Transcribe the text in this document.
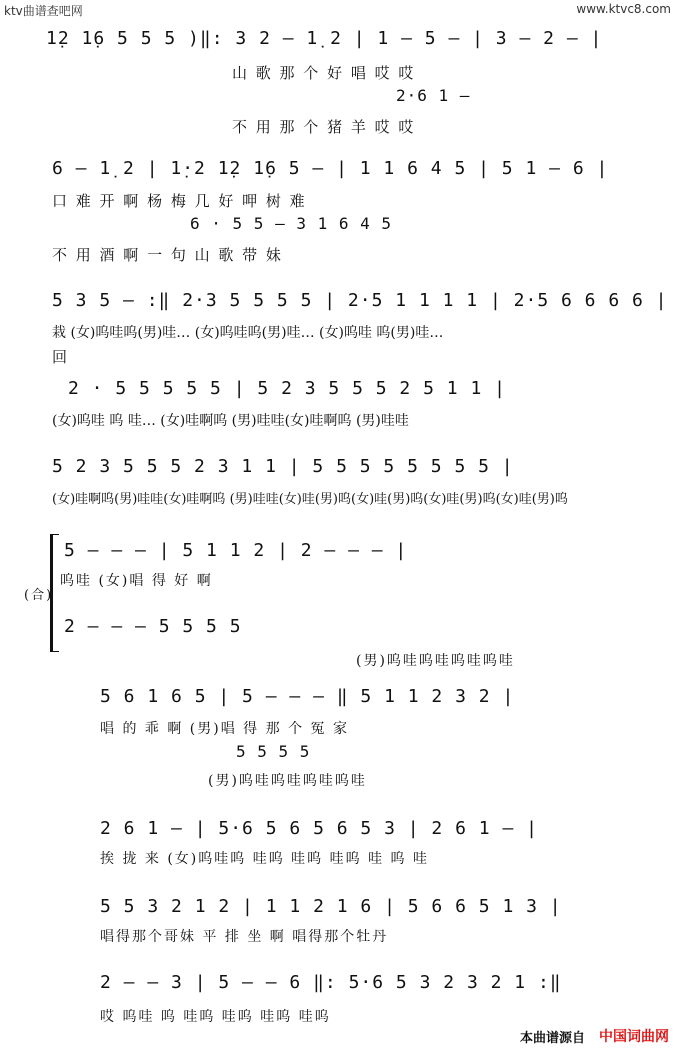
ktv曲谱查吧网	www.ktvc8.com
1̣2 1̣6 5 5 5 )‖: 3 2 — 1̣ 2 | 1 — 5 — | 3 — 2 — |
山 歌 那 个 好 唱 哎 哎
2·6 1 —
不 用 那 个 猪 羊 哎 哎
6 — 1̣ 2 | 1̣·2 1̣2 1̣6 5 — | 1 1 6 4 5 | 5 1 — 6 |
口 难 开 啊 杨 梅 几 好 呷 树 难
6 · 5 5 — 3 1 6 4 5
不 用 酒 啊 一 句 山 歌 带 妹
5 3 5 — :‖ 2·3 5 5 5 5 | 2·5 1 1 1 1 | 2·5 6 6 6 6 |
栽 (女)呜哇呜(男)哇… (女)呜哇呜(男)哇… (女)呜哇 呜(男)哇…
回
2 · 5 5 5 5 5 | 5 2 3 5 5 5 2 5 1 1 |
(女)呜哇 呜 哇… (女)哇啊呜 (男)哇哇(女)哇啊呜 (男)哇哇
5 2 3 5 5 5 2 3 1 1 | 5 5 5 5 5 5 5 5 |
(女)哇啊呜(男)哇哇(女)哇啊呜 (男)哇哇(女)哇(男)呜(女)哇(男)呜(女)哇(男)呜(女)哇(男)呜
(合)
5 — — — | 5 1 1 2 | 2 — — — |
呜哇 (女)唱 得 好 啊
2 — — — 5 5 5 5
(男)呜哇呜哇呜哇呜哇
5 6 1 6 5 | 5 — — — ‖ 5 1 1 2 3 2 |
唱 的 乖 啊 (男)唱 得 那 个 冤 家
5 5 5 5
(男)呜哇呜哇呜哇呜哇
2 6 1 — | 5·6 5 6 5 6 5 3 | 2 6 1 — |
挨 拢 来 (女)呜哇呜 哇呜 哇呜 哇呜 哇 呜 哇
5 5 3 2 1 2 | 1 1 2 1 6 | 5 6 6 5 1 3 |
唱得那个哥妹 平 排 坐 啊 唱得那个牡丹
2 — — 3 | 5 — — 6 ‖: 5·6 5 3 2 3 2 1 :‖
哎 呜哇 呜 哇呜 哇呜 哇呜 哇呜
本曲谱源自 中国词曲网
